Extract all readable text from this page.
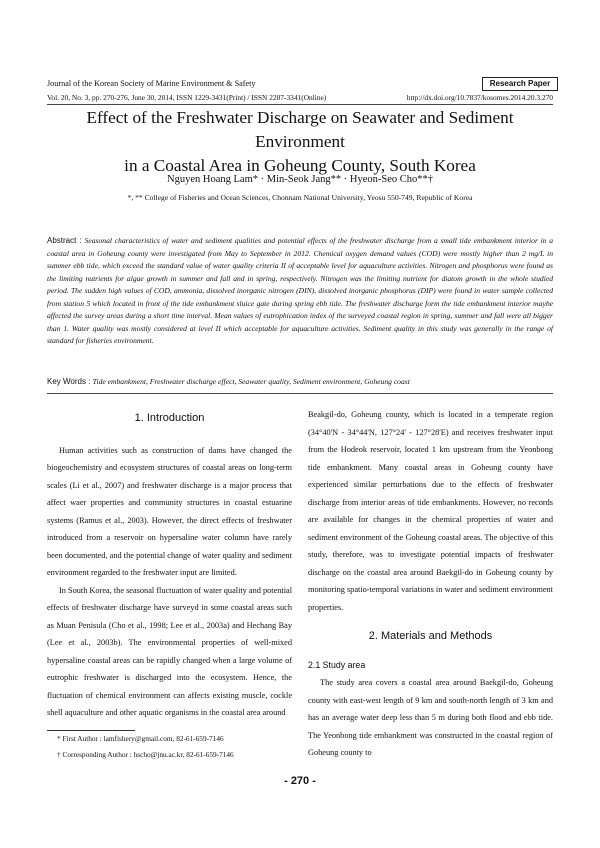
Journal of the Korean Society of Marine Environment & Safety	Research Paper
Vol. 20, No. 3, pp. 270-276, June 30, 2014, ISSN 1229-3431(Print) / ISSN 2287-3341(Online)	http://dx.doi.org/10.7837/kosomes.2014.20.3.270
Effect of the Freshwater Discharge on Seawater and Sediment Environment
in a Coastal Area in Goheung County, South Korea
Nguyen Hoang Lam* · Min-Seok Jang** · Hyeon-Seo Cho**†
*, ** College of Fisheries and Ocean Sciences, Chonnam National University, Yeosu 550-749, Republic of Korea
Abstract : Seasonal characteristics of water and sediment qualities and potential effects of the freshwater discharge from a small tide embankment interior in a coastal area in Goheung county were investigated from May to September in 2012. Chemical oxygen demand values (COD) were mostly higher than 2 mg/L in summer ebb tide, which exceed the standard value of water quality criteria II of acceptable level for aquaculture activities. Nitrogen and phosphorus were found as the limiting nutrients for algae growth in summer and fall and in spring, respectively. Nitrogen was the limiting nutrient for diatom growth in the whole studied period. The sudden high values of COD, ammonia, dissolved inorganic nitrogen (DIN), dissolved inorganic phosphorus (DIP) were found in water sample collected from station 5 which located in front of the tide embankment sluice gate during spring ebb tide. The freshwater discharge form the tide embankment interior maybe affected the survey areas during a short time interval. Mean values of eutrophication index of the surveyed coastal region in spring, summer and fall were all bigger than 1. Water quality was mostly considered at level II which acceptable for aquaculture activities. Sediment quality in this study was generally in the range of standard for fisheries environment.
Key Words : Tide embankment, Freshwater discharge effect, Seawater quality, Sediment environment, Goheung coast

1. Introduction

Human activities such as construction of dams have changed the biogeochemistry and ecosystem structures of coastal areas on long-term scales (Li et al., 2007) and freshwater discharge is a major process that affect waer properties and community structures in coastal estuarine systems (Ramus et al., 2003). However, the direct effects of freshwater introduced from a reservoir on hypersaline water column have rarely been documented, and the potential change of water quality and sediment environment regarded to the freshwater input are limited.

In South Korea, the seasonal fluctuation of water quality and potential effects of freshwater discharge have surveyd in some coastal areas such as Muan Penisula (Cho et al., 1998; Lee et al., 2003a) and Hechang Bay (Lee et al., 2003b). The environmental properties of well-mixed hypersaline coastal areas can be rapidly changed when a large volume of eutrophic freshwater is discharged into the ecosystem. Hence, the fluctuation of chemical environment can affects existing muscle, cockle shell aquaculture and other aquatic organisms in the coastal area around

Beakgil-do, Goheung county, which is located in a temperate region (34°40'N - 34°44'N, 127°24' - 127°28'E) and receives freshwater input from the Hodeok reservoir, located 1 km upstream from the Yeonbong tide embankment. Many coastal areas in Goheung county have experienced similar perturbations due to the effects of freshwater discharge from interior areas of tide embankments. However, no records are available for changes in the chemical properties of water and sediment environment of the Goheung coastal areas. The objective of this study, therefore, was to investigate potential impacts of freshwater discharge on the coastal area around Baekgil-do in Goheung county by monitoring spatio-temporal variations in water and sediment environment properties.

2. Materials and Methods

2.1 Study area

The study area covers a coastal area around Baekgil-do, Goheung county with east-west length of 9 km and south-north length of 3 km and has an average water deep less than 5 m during both flood and ebb tide. The Yeonbong tide embankment was constructed in the coastal region of Goheung county to

* First Author : lamfishery@gmail.com, 82-61-659-7146
† Corresponding Author : hscho@jnu.ac.kr, 82-61-659-7146
- 270 -
